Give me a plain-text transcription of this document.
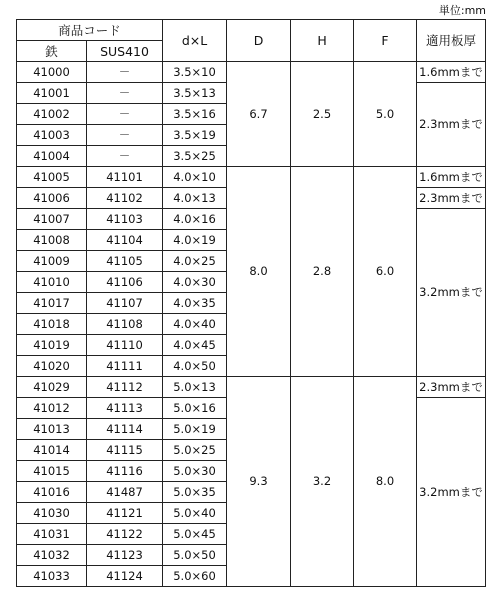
単位:mm
商品コード		d×L	D	H	F	適用板厚
鉄	SUS410					
41000	－	3.5×10	6.7	2.5	5.0	1.6mmまで
41001	－	3.5×13				2.3mmまで
41002	－	3.5×16				
41003	－	3.5×19				
41004	－	3.5×25				
41005	41101	4.0×10	8.0	2.8	6.0	1.6mmまで
41006	41102	4.0×13				2.3mmまで
41007	41103	4.0×16				3.2mmまで
41008	41104	4.0×19				
41009	41105	4.0×25				
41010	41106	4.0×30				
41017	41107	4.0×35				
41018	41108	4.0×40				
41019	41110	4.0×45				
41020	41111	4.0×50				
41029	41112	5.0×13	9.3	3.2	8.0	2.3mmまで
41012	41113	5.0×16				3.2mmまで
41013	41114	5.0×19				
41014	41115	5.0×25				
41015	41116	5.0×30				
41016	41487	5.0×35				
41030	41121	5.0×40				
41031	41122	5.0×45				
41032	41123	5.0×50				
41033	41124	5.0×60				
